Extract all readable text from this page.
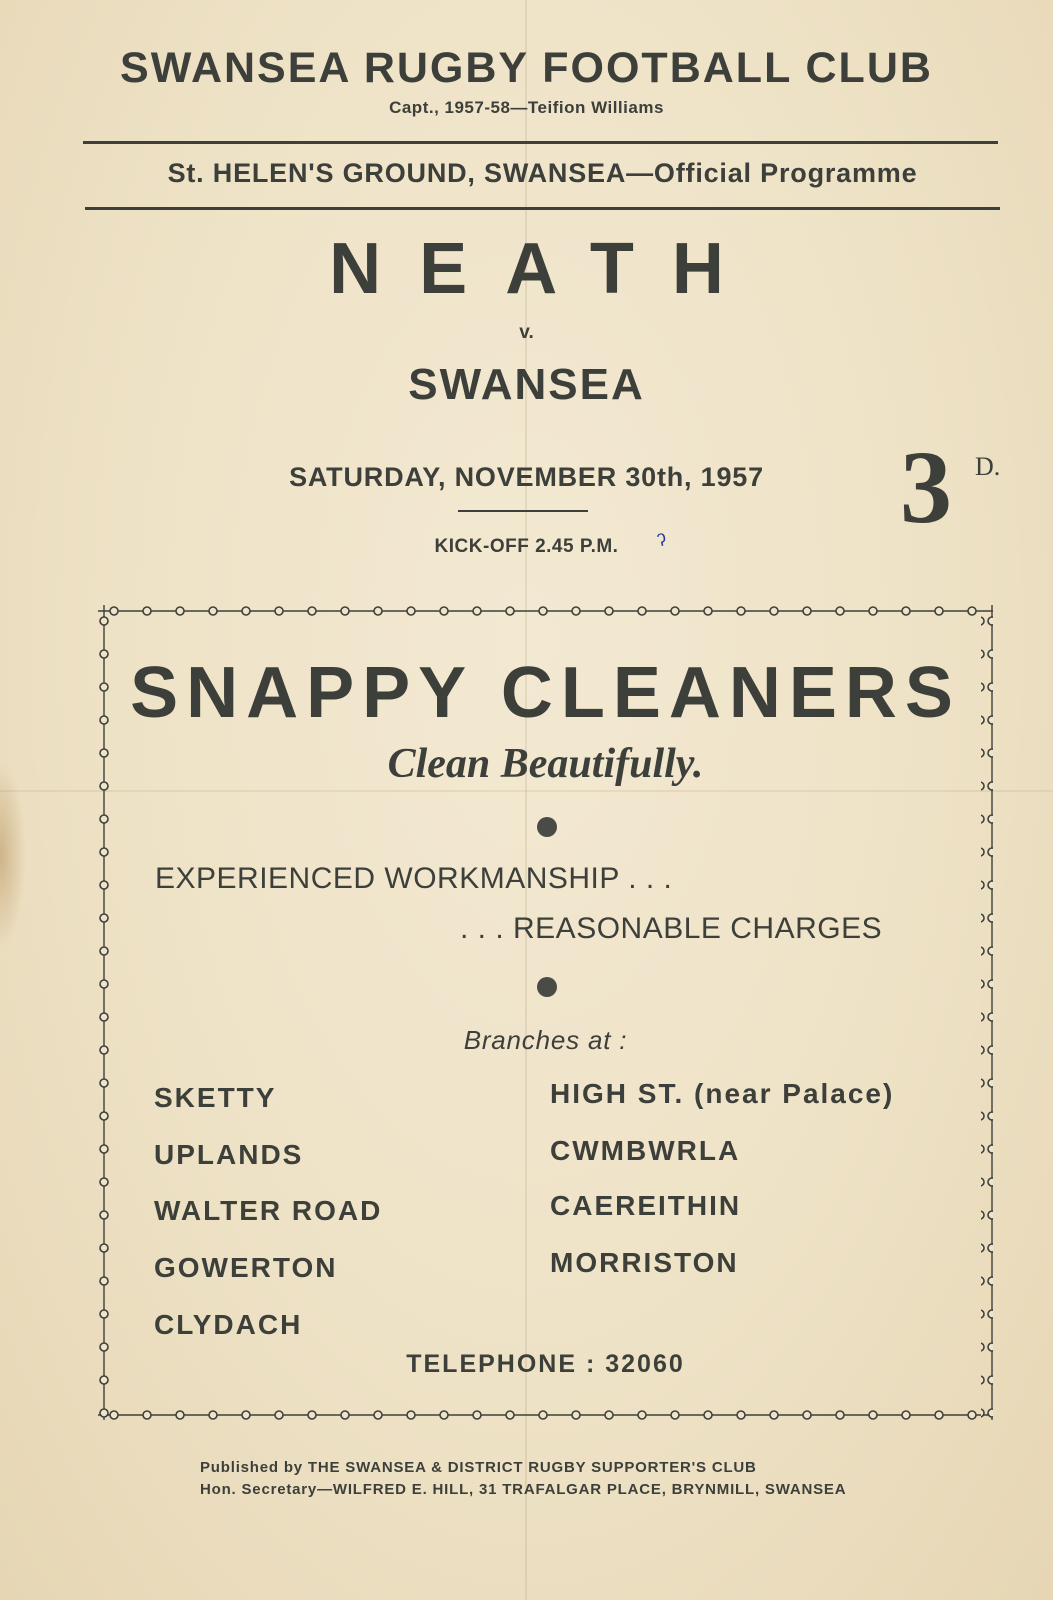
SWANSEA RUGBY FOOTBALL CLUB
Capt., 1957-58—Teifion Williams
St. HELEN'S GROUND, SWANSEA—Official Programme
NEATH
v.
SWANSEA
SATURDAY, NOVEMBER 30th, 1957
KICK-OFF 2.45 P.M.	ˀ 3 D.
SNAPPY CLEANERS
Clean Beautifully.
EXPERIENCED WORKMANSHIP . . .
. . . REASONABLE CHARGES
Branches at :
SKETTY
UPLANDS
WALTER ROAD
GOWERTON
CLYDACH
HIGH ST. (near Palace)
CWMBWRLA
CAEREITHIN
MORRISTON
TELEPHONE : 32060
Published by THE SWANSEA & DISTRICT RUGBY SUPPORTER'S CLUB
Hon. Secretary—WILFRED E. HILL, 31 TRAFALGAR PLACE, BRYNMILL, SWANSEA
